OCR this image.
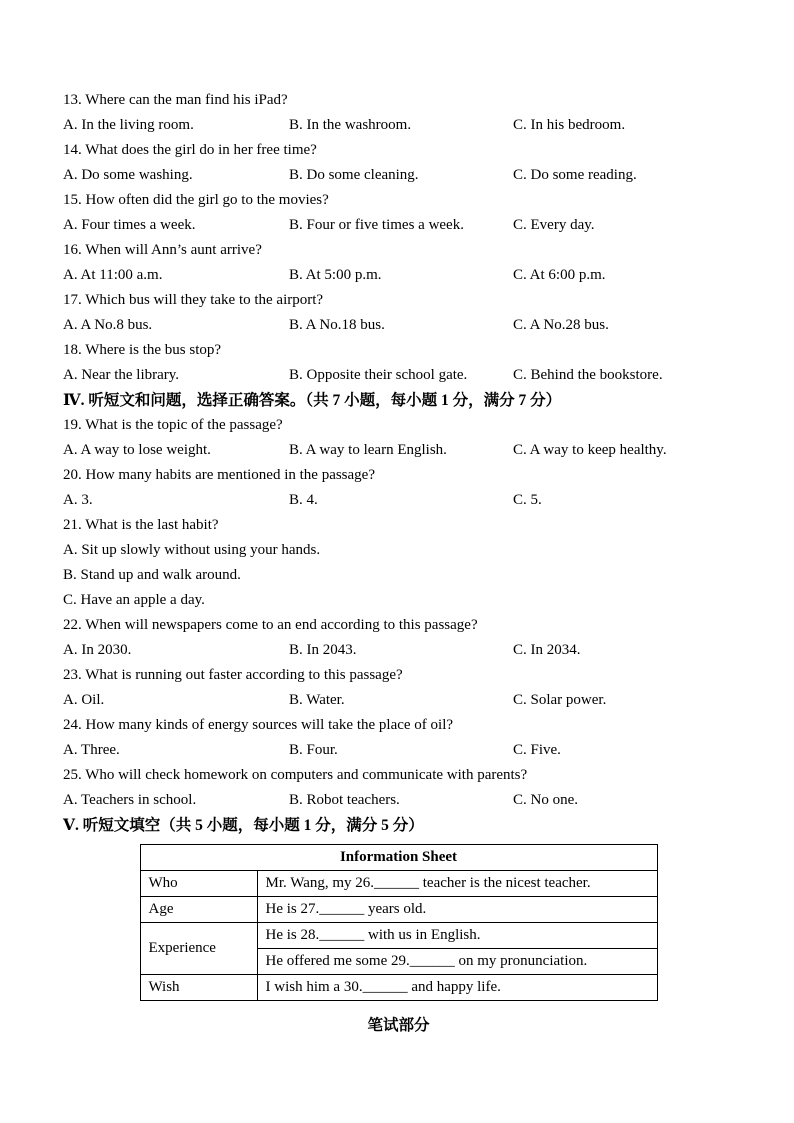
13. Where can the man find his iPad?
A. In the living room.	B. In the washroom.	C. In his bedroom.
14. What does the girl do in her free time?
A. Do some washing.	B. Do some cleaning.	C. Do some reading.
15. How often did the girl go to the movies?
A. Four times a week.	B. Four or five times a week.	C. Every day.
16. When will Ann’s aunt arrive?
A. At 11:00 a.m.	B. At 5:00 p.m.	C. At 6:00 p.m.
17. Which bus will they take to the airport?
A. A No.8 bus.	B. A No.18 bus.	C. A No.28 bus.
18. Where is the bus stop?
A. Near the library.	B. Opposite their school gate.	C. Behind the bookstore.
Ⅳ. 听短文和问题，选择正确答案。（共 7 小题，每小题 1 分，满分 7 分）
19. What is the topic of the passage?
A. A way to lose weight.	B. A way to learn English.	C. A way to keep healthy.
20. How many habits are mentioned in the passage?
A. 3.	B. 4.	C. 5.
21. What is the last habit?
A. Sit up slowly without using your hands.
B. Stand up and walk around.
C. Have an apple a day.
22. When will newspapers come to an end according to this passage?
A. In 2030.	B. In 2043.	C. In 2034.
23. What is running out faster according to this passage?
A. Oil.	B. Water.	C. Solar power.
24. How many kinds of energy sources will take the place of oil?
A. Three.	B. Four.	C. Five.
25. Who will check homework on computers and communicate with parents?
A. Teachers in school.	B. Robot teachers.	C. No one.
Ⅴ. 听短文填空（共 5 小题，每小题 1 分，满分 5 分）
Information Sheet	
Who	Mr. Wang, my 26.______ teacher is the nicest teacher.
Age	He is 27.______ years old.
Experience	He is 28.______ with us in English.
	He offered me some 29.______ on my pronunciation.
Wish	I wish him a 30.______ and happy life.
笔试部分
